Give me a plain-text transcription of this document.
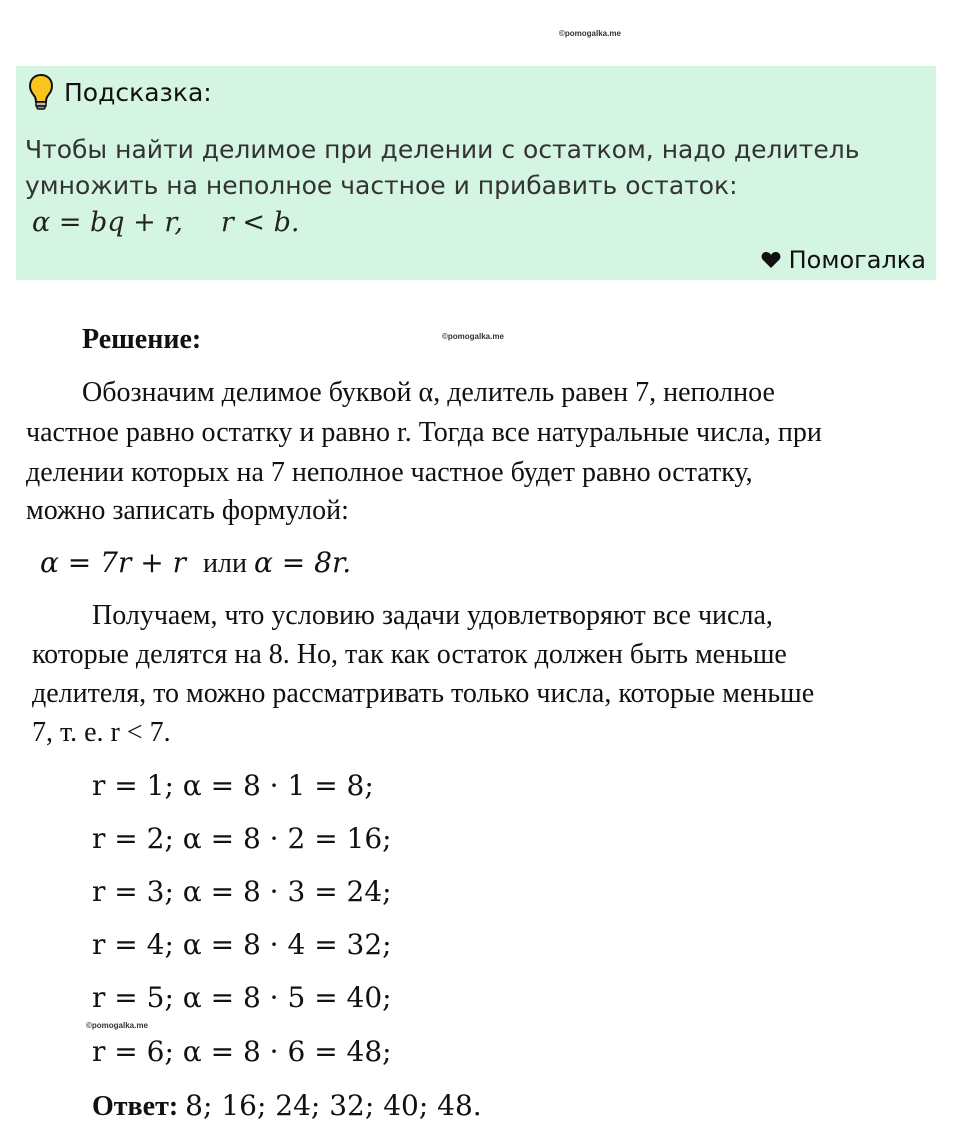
©pomogalka.me
Подсказка:
Чтобы найти делимое при делении с остатком, надо делитель умножить на неполное частное и прибавить остаток:
α = bq + r, r < b.
Помогалка
©pomogalka.me
Решение:
Обозначим делимое буквой α, делитель равен 7, неполное
частное равно остатку и равно r. Тогда все натуральные числа, при
делении которых на 7 неполное частное будет равно остатку,
можно записать формулой:
α = 7r + r или α = 8r.
Получаем, что условию задачи удовлетворяют все числа,
которые делятся на 8. Но, так как остаток должен быть меньше
делителя, то можно рассматривать только числа, которые меньше
7, т. е. r < 7.
r = 1; α = 8 · 1 = 8;
r = 2; α = 8 · 2 = 16;
r = 3; α = 8 · 3 = 24;
r = 4; α = 8 · 4 = 32;
r = 5; α = 8 · 5 = 40;
©pomogalka.me
r = 6; α = 8 · 6 = 48;
Ответ: 8; 16; 24; 32; 40; 48.
